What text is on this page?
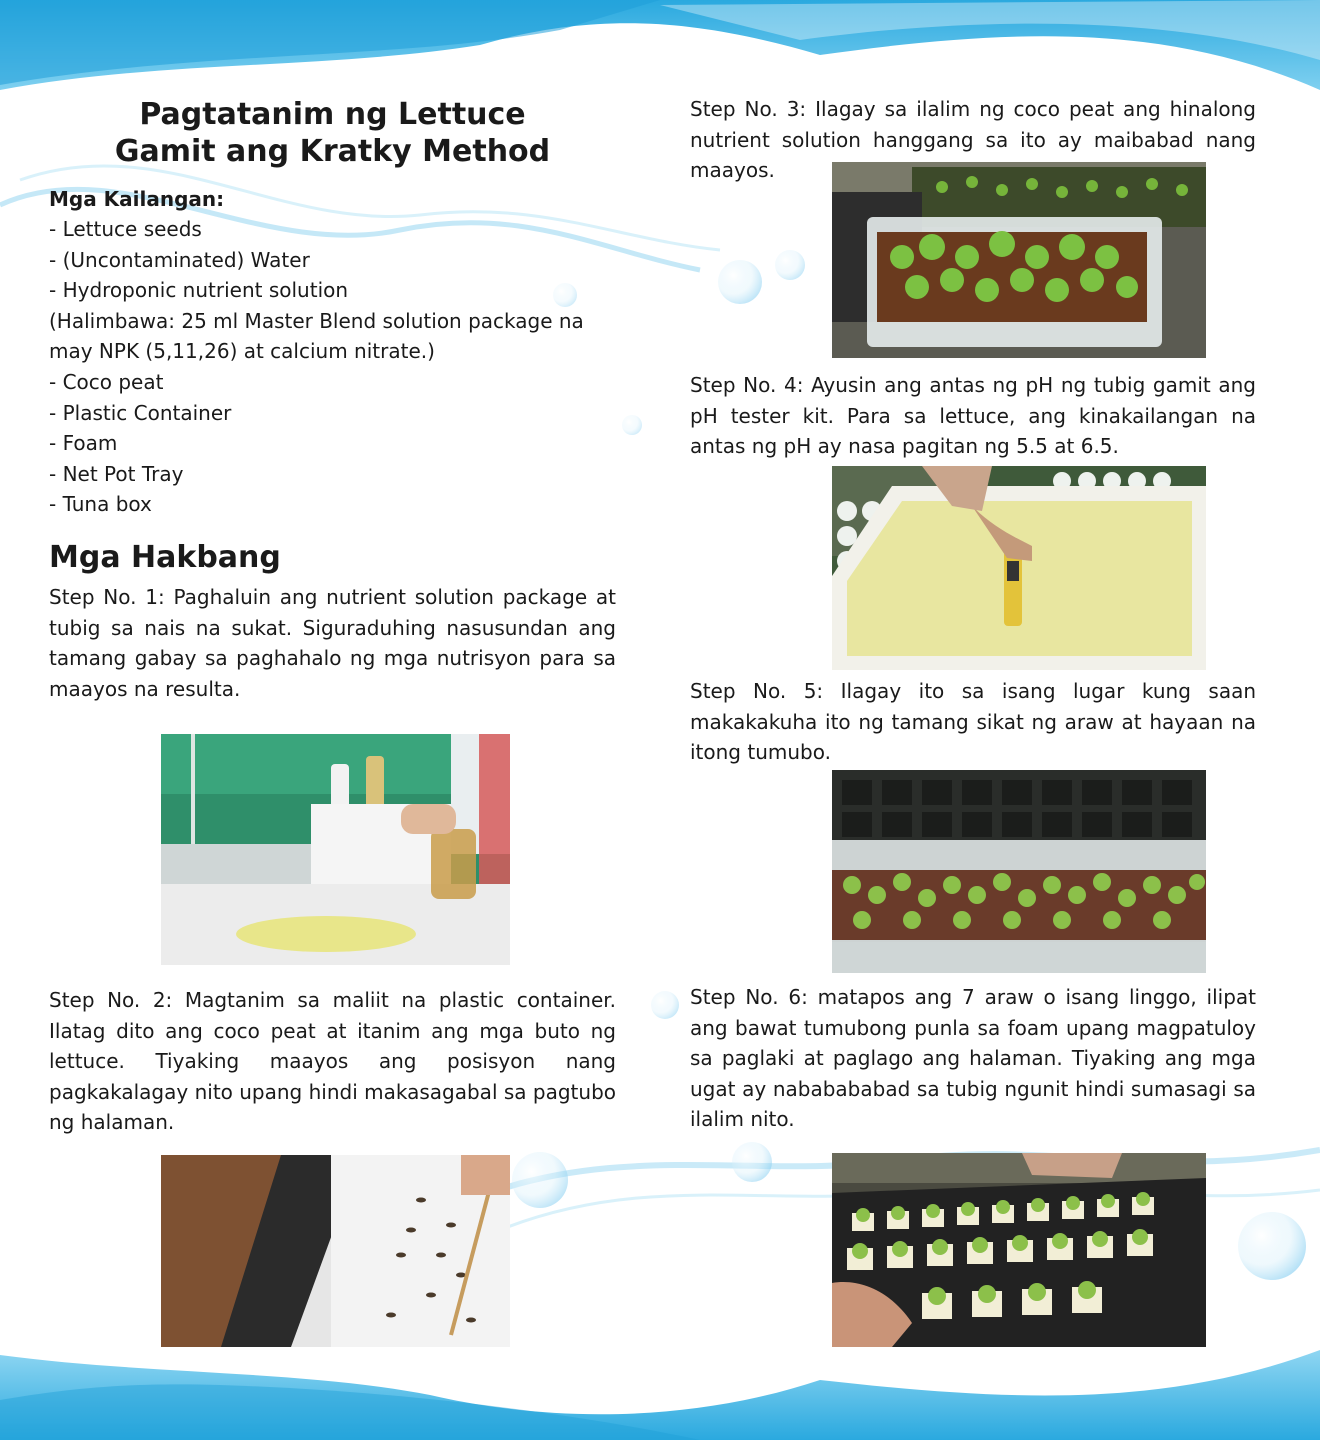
Pagtatanim ng Lettuce
Gamit ang Kratky Method

Mga Kailangan:

- Lettuce seeds
- (Uncontaminated) Water
- Hydroponic nutrient solution
(Halimbawa: 25 ml Master Blend solution package na may NPK (5,11,26) at calcium nitrate.)
- Coco peat
- Plastic Container
- Foam
- Net Pot Tray
- Tuna box
Mga Hakbang

Step No. 1: Paghaluin ang nutrient solution package at tubig sa nais na sukat. Siguraduhing nasusundan ang tamang gabay sa paghahalo ng mga nutrisyon para sa maayos na resulta.

Step No. 2: Magtanim sa maliit na plastic container. Ilatag dito ang coco peat at itanim ang mga buto ng lettuce. Tiyaking maayos ang posisyon nang pagkakalagay nito upang hindi makasagabal sa pagtubo ng halaman.

Step No. 3: Ilagay sa ilalim ng coco peat ang hinalong nutrient solution hanggang sa ito ay maibabad nang maayos.

Step No. 4: Ayusin ang antas ng pH ng tubig gamit ang pH tester kit. Para sa lettuce, ang kinakailangan na antas ng pH ay nasa pagitan ng 5.5 at 6.5.

Step No. 5: Ilagay ito sa isang lugar kung saan makakakuha ito ng tamang sikat ng araw at hayaan na itong tumubo.

Step No. 6: matapos ang 7 araw o isang linggo, ilipat ang bawat tumubong punla sa foam upang magpatuloy sa paglaki at paglago ang halaman. Tiyaking ang mga ugat ay nababababad sa tubig ngunit hindi sumasagi sa ilalim nito.
